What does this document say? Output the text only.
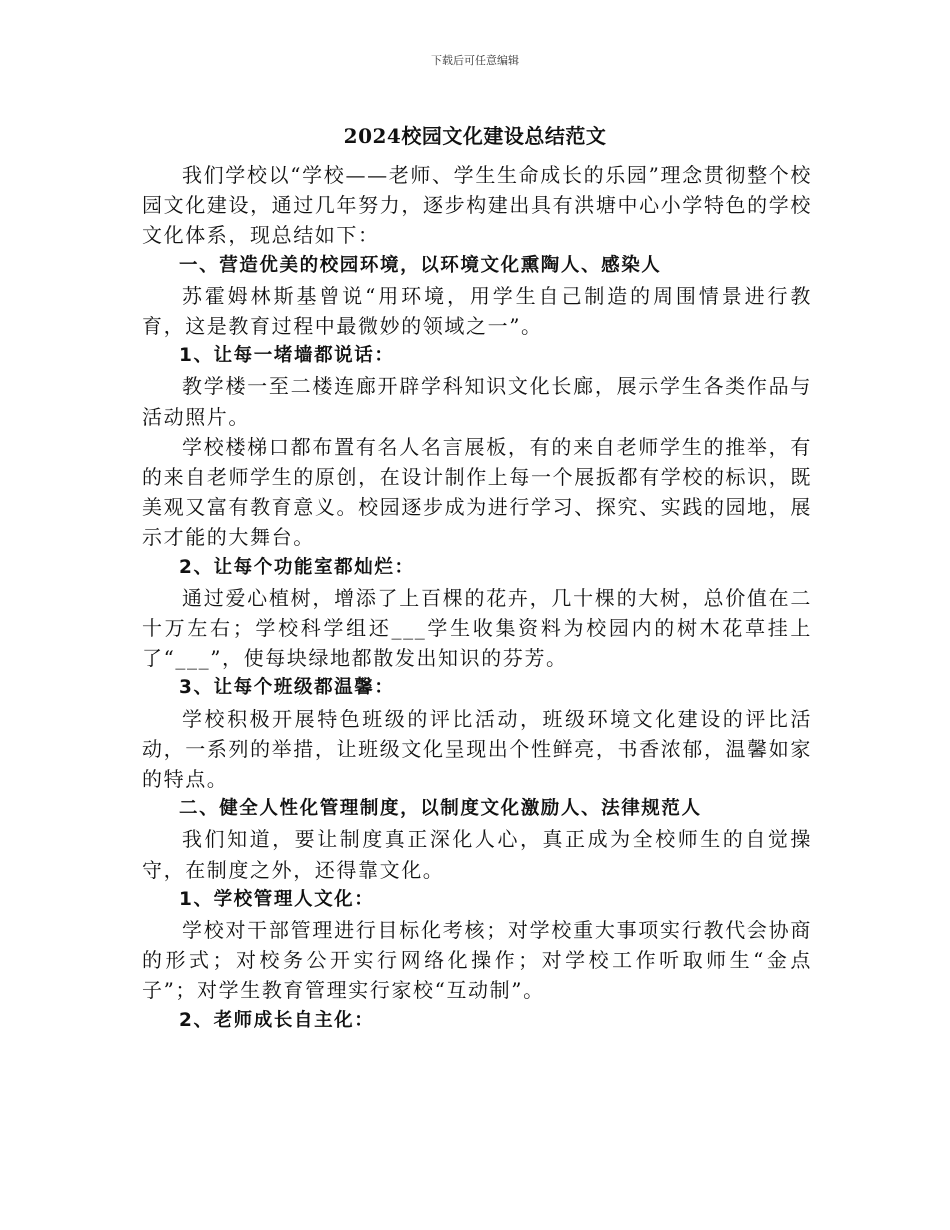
下载后可任意编辑
2024校园文化建设总结范文

我们学校以“学校——老师、学生生命成长的乐园”理念贯彻整个校园文化建设，通过几年努力，逐步构建出具有洪塘中心小学特色的学校文化体系，现总结如下：

一、营造优美的校园环境，以环境文化熏陶人、感染人

苏霍姆林斯基曾说“用环境，用学生自己制造的周围情景进行教育，这是教育过程中最微妙的领域之一”。

1、让每一堵墙都说话：

教学楼一至二楼连廊开辟学科知识文化长廊，展示学生各类作品与活动照片。

学校楼梯口都布置有名人名言展板，有的来自老师学生的推举，有的来自老师学生的原创，在设计制作上每一个展扳都有学校的标识，既美观又富有教育意义。校园逐步成为进行学习、探究、实践的园地，展示才能的大舞台。

2、让每个功能室都灿烂：

通过爱心植树，增添了上百棵的花卉，几十棵的大树，总价值在二十万左右；学校科学组还___学生收集资料为校园内的树木花草挂上了“___”，使每块绿地都散发出知识的芬芳。

3、让每个班级都温馨：

学校积极开展特色班级的评比活动，班级环境文化建设的评比活动，一系列的举措，让班级文化呈现出个性鲜亮，书香浓郁，温馨如家的特点。

二、健全人性化管理制度，以制度文化激励人、法律规范人

我们知道，要让制度真正深化人心，真正成为全校师生的自觉操守，在制度之外，还得靠文化。

1、学校管理人文化：

学校对干部管理进行目标化考核；对学校重大事项实行教代会协商的形式；对校务公开实行网络化操作；对学校工作听取师生“金点子”；对学生教育管理实行家校“互动制”。

2、老师成长自主化：
